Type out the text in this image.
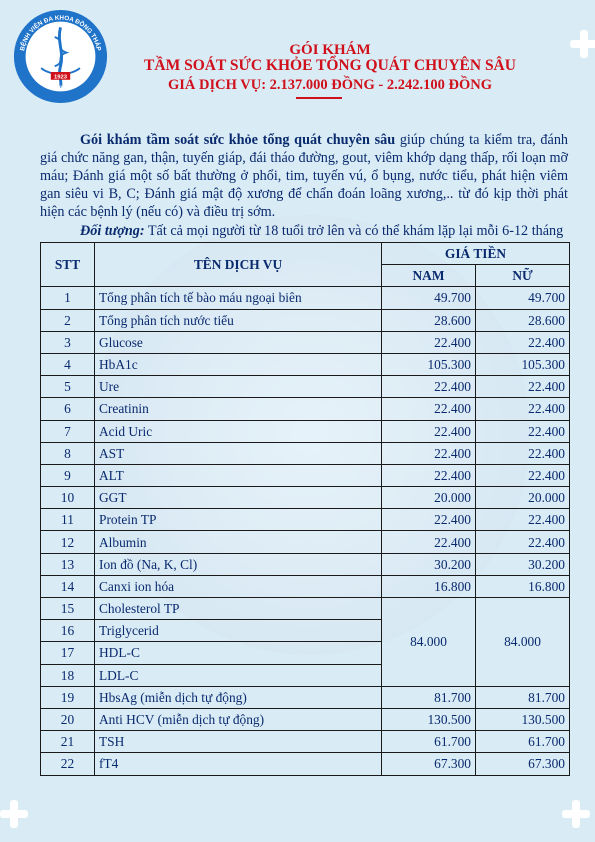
1923
BỆNH VIỆN ĐA KHOA ĐỒNG THÁP
DONG THAP HOSPITAL
GÓI KHÁM
TẦM SOÁT SỨC KHỎE TỔNG QUÁT CHUYÊN SÂU
GIÁ DỊCH VỤ: 2.137.000 ĐỒNG - 2.242.100 ĐỒNG
Gói khám tầm soát sức khỏe tổng quát chuyên sâu giúp chúng ta kiểm tra, đánh giá chức năng gan, thận, tuyến giáp, đái tháo đường, gout, viêm khớp dạng thấp, rối loạn mỡ máu; Đánh giá một số bất thường ở phổi, tim, tuyến vú, ổ bụng, nước tiểu, phát hiện viêm gan siêu vi B, C; Đánh giá mật độ xương để chẩn đoán loãng xương,.. từ đó kịp thời phát hiện các bệnh lý (nếu có) và điều trị sớm.
Đối tượng: Tất cả mọi người từ 18 tuổi trở lên và có thể khám lặp lại mỗi 6-12 tháng
STT	TÊN DỊCH VỤ	GIÁ TIỀN	
		NAM	NỮ
1	Tổng phân tích tế bào máu ngoại biên	49.700	49.700
2	Tổng phân tích nước tiểu	28.600	28.600
3	Glucose	22.400	22.400
4	HbA1c	105.300	105.300
5	Ure	22.400	22.400
6	Creatinin	22.400	22.400
7	Acid Uric	22.400	22.400
8	AST	22.400	22.400
9	ALT	22.400	22.400
10	GGT	20.000	20.000
11	Protein TP	22.400	22.400
12	Albumin	22.400	22.400
13	Ion đồ (Na, K, Cl)	30.200	30.200
14	Canxi ion hóa	16.800	16.800
15	Cholesterol TP	84.000	84.000
16	Triglycerid		
17	HDL-C		
18	LDL-C		
19	HbsAg (miễn dịch tự động)	81.700	81.700
20	Anti HCV (miễn dịch tự động)	130.500	130.500
21	TSH	61.700	61.700
22	fT4	67.300	67.300
